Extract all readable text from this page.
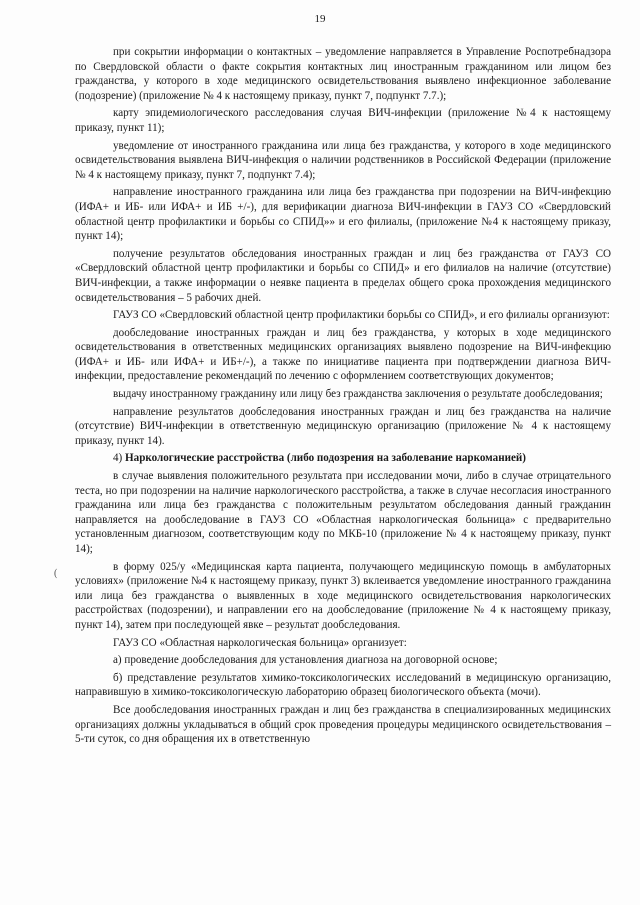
19
(

при сокрытии информации о контактных – уведомление направляется в Управление Роспотребнадзора по Свердловской области о факте сокрытия контактных лиц иностранным гражданином или лицом без гражданства, у которого в ходе медицинского освидетельствования выявлено инфекционное заболевание (подозрение) (приложение № 4 к настоящему приказу, пункт 7, подпункт 7.7.);

карту эпидемиологического расследования случая ВИЧ-инфекции (приложение №4 к настоящему приказу, пункт 11);

уведомление от иностранного гражданина или лица без гражданства, у которого в ходе медицинского освидетельствования выявлена ВИЧ-инфекция о наличии родственников в Российской Федерации (приложение № 4 к настоящему приказу, пункт 7, подпункт 7.4);

направление иностранного гражданина или лица без гражданства при подозрении на ВИЧ-инфекцию (ИФА+ и ИБ- или ИФА+ и ИБ +/-), для верификации диагноза ВИЧ-инфекции в ГАУЗ СО «Свердловский областной центр профилактики и борьбы со СПИД»» и его филиалы, (приложение №4 к настоящему приказу, пункт 14);

получение результатов обследования иностранных граждан и лиц без гражданства от ГАУЗ СО «Свердловский областной центр профилактики и борьбы со СПИД» и его филиалов на наличие (отсутствие) ВИЧ-инфекции, а также информации о неявке пациента в пределах общего срока прохождения медицинского освидетельствования – 5 рабочих дней.

ГАУЗ СО «Свердловский областной центр профилактики борьбы со СПИД», и его филиалы организуют:

дообследование иностранных граждан и лиц без гражданства, у которых в ходе медицинского освидетельствования в ответственных медицинских организациях выявлено подозрение на ВИЧ-инфекцию (ИФА+ и ИБ- или ИФА+ и ИБ+/-), а также по инициативе пациента при подтверждении диагноза ВИЧ-инфекции, предоставление рекомендаций по лечению с оформлением соответствующих документов;

выдачу иностранному гражданину или лицу без гражданства заключения о результате дообследования;

направление результатов дообследования иностранных граждан и лиц без гражданства на наличие (отсутствие) ВИЧ-инфекции в ответственную медицинскую организацию (приложение № 4 к настоящему приказу, пункт 14).

4) Наркологические расстройства (либо подозрения на заболевание наркоманией)

в случае выявления положительного результата при исследовании мочи, либо в случае отрицательного теста, но при подозрении на наличие наркологического расстройства, а также в случае несогласия иностранного гражданина или лица без гражданства с положительным результатом обследования данный гражданин направляется на дообследование в ГАУЗ СО «Областная наркологическая больница» с предварительно установленным диагнозом, соответствующим коду по МКБ-10 (приложение № 4 к настоящему приказу, пункт 14);

в форму 025/у «Медицинская карта пациента, получающего медицинскую помощь в амбулаторных условиях» (приложение №4 к настоящему приказу, пункт 3) вклеивается уведомление иностранного гражданина или лица без гражданства о выявленных в ходе медицинского освидетельствования наркологических расстройствах (подозрении), и направлении его на дообследование (приложение № 4 к настоящему приказу, пункт 14), затем при последующей явке – результат дообследования.

ГАУЗ СО «Областная наркологическая больница» организует:

а) проведение дообследования для установления диагноза на договорной основе;

б) представление результатов химико-токсикологических исследований в медицинскую организацию, направившую в химико-токсикологическую лабораторию образец биологического объекта (мочи).

Все дообследования иностранных граждан и лиц без гражданства в специализированных медицинских организациях должны укладываться в общий срок проведения процедуры медицинского освидетельствования – 5-ти суток, со дня обращения их в ответственную
